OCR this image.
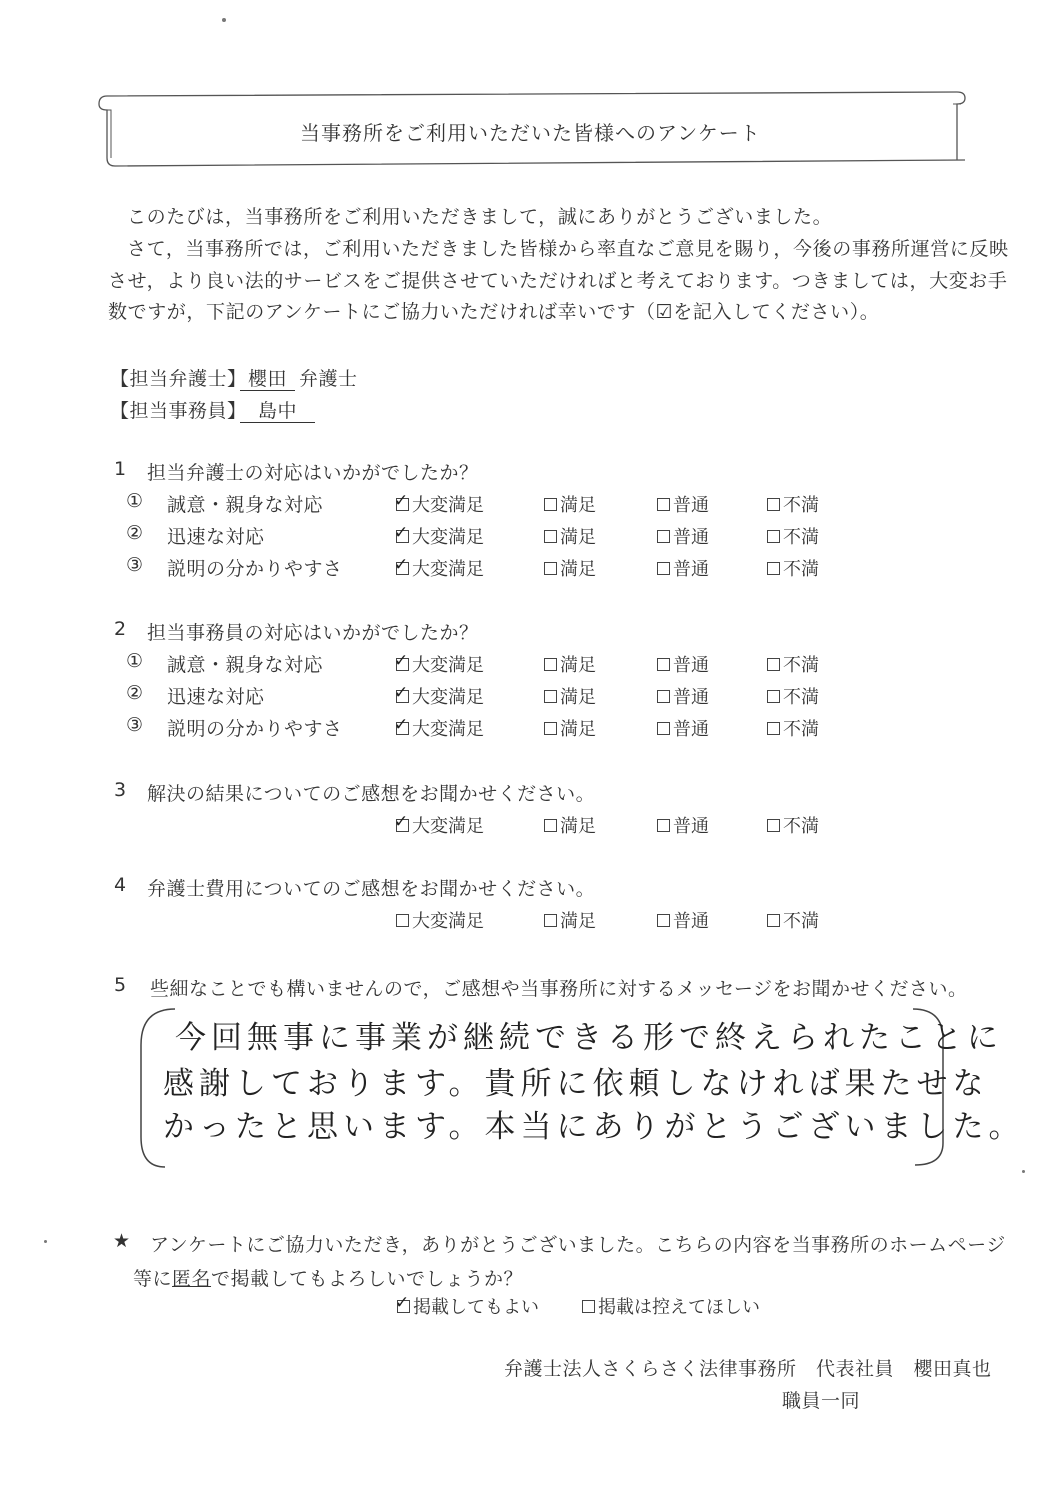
当事務所をご利用いただいた皆様へのアンケート
このたびは，当事務所をご利用いただきまして，誠にありがとうございました。
さて，当事務所では，ご利用いただきました皆様から率直なご意見を賜り，今後の事務所運営に反映
させ，より良い法的サービスをご提供させていただければと考えております。つきましては，大変お手
数ですが，下記のアンケートにご協力いただければ幸いです（☑を記入してください）。
【担当弁護士】 櫻田 弁護士
【担当事務員】 島中
1 担当弁護士の対応はいかがでしたか？
① 誠意・親身な対応	✓ 大変満足	満足	普通	不満
② 迅速な対応	✓ 大変満足	満足	普通	不満
③ 説明の分かりやすさ	✓ 大変満足	満足	普通	不満
2 担当事務員の対応はいかがでしたか？
① 誠意・親身な対応	✓ 大変満足	満足	普通	不満
② 迅速な対応	✓ 大変満足	満足	普通	不満
③ 説明の分かりやすさ	✓ 大変満足	満足	普通	不満
3 解決の結果についてのご感想をお聞かせください。
✓ 大変満足	満足	普通	不満
4 弁護士費用についてのご感想をお聞かせください。
大変満足	満足	普通	不満
5 些細なことでも構いませんので，ご感想や当事務所に対するメッセージをお聞かせください。
今回無事に事業が継続できる形で終えられたことに
感謝しております。貴所に依頼しなければ果たせな
かったと思います。本当にありがとうございました。
★ アンケートにご協力いただき，ありがとうございました。こちらの内容を当事務所のホームページ
等に匿名で掲載してもよろしいでしょうか？
✓ 掲載してもよい	掲載は控えてほしい
弁護士法人さくらさく法律事務所　代表社員　櫻田真也
職員一同
